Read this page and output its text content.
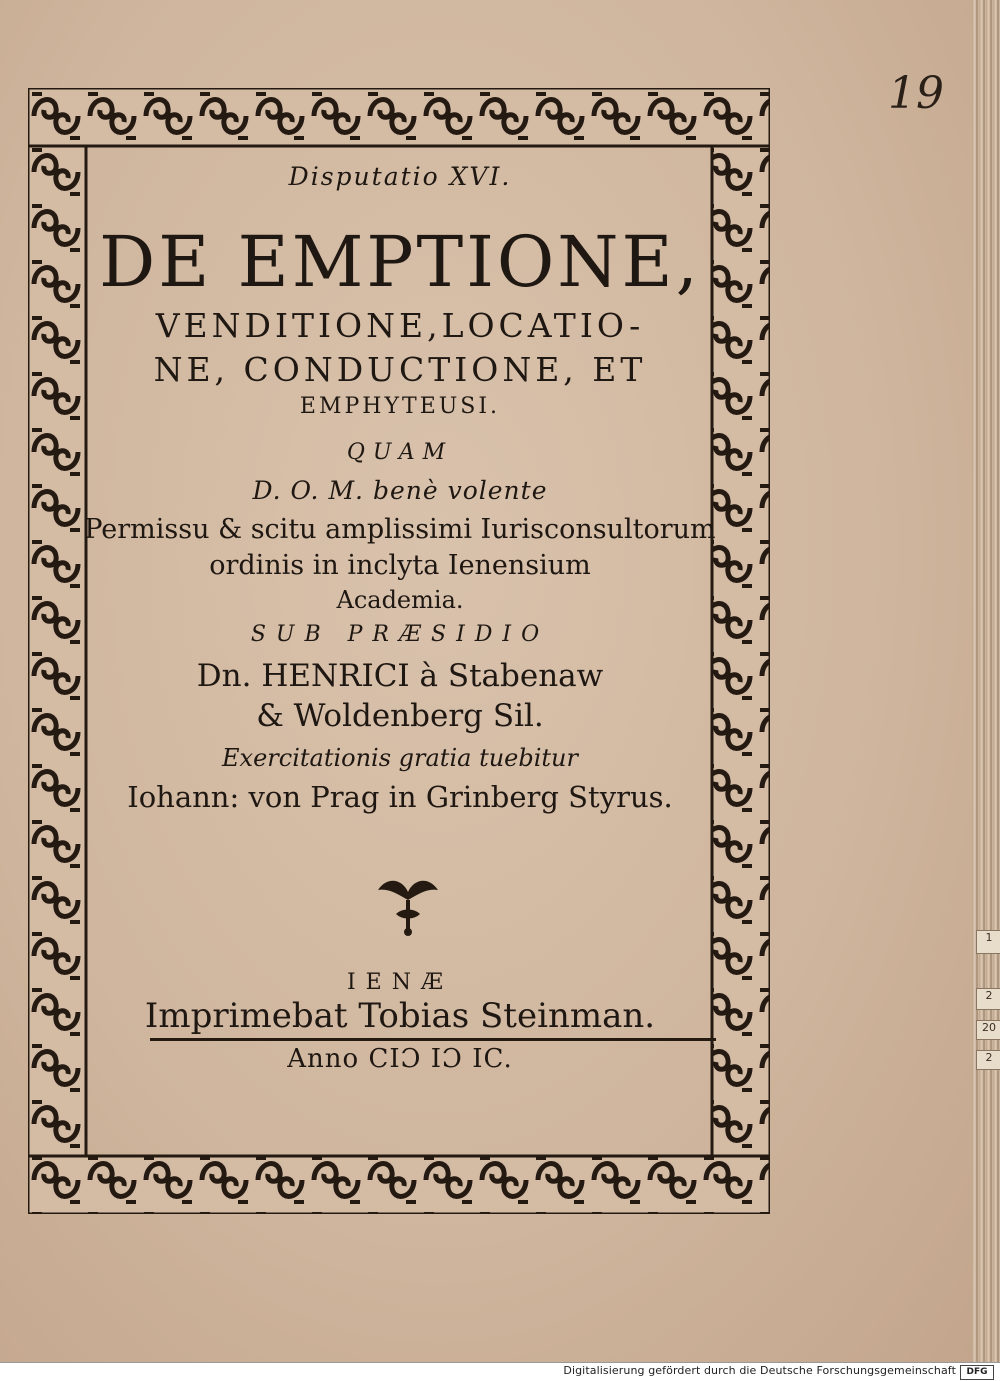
1
2
20
2
19
Disputatio XVI.
DE EMPTIONE,
VENDITIONE,LOCATIO-
NE, CONDUCTIONE, ET
EMPHYTEUSI.
QUAM
D. O. M. benè volente
Permissu & scitu amplissimi Iurisconsultorum
ordinis in inclyta Ienensium
Academia.
SUB PRÆSIDIO
Dn. HENRICI à Stabenaw
& Woldenberg Sil.
Exercitationis gratia tuebitur
Iohann: von Prag in Grinberg Styrus.
IENÆ
Imprimebat Tobias Steinman.
Anno CIƆ IƆ IC.
Digitalisierung gefördert durch die Deutsche Forschungsgemeinschaft	DFG
